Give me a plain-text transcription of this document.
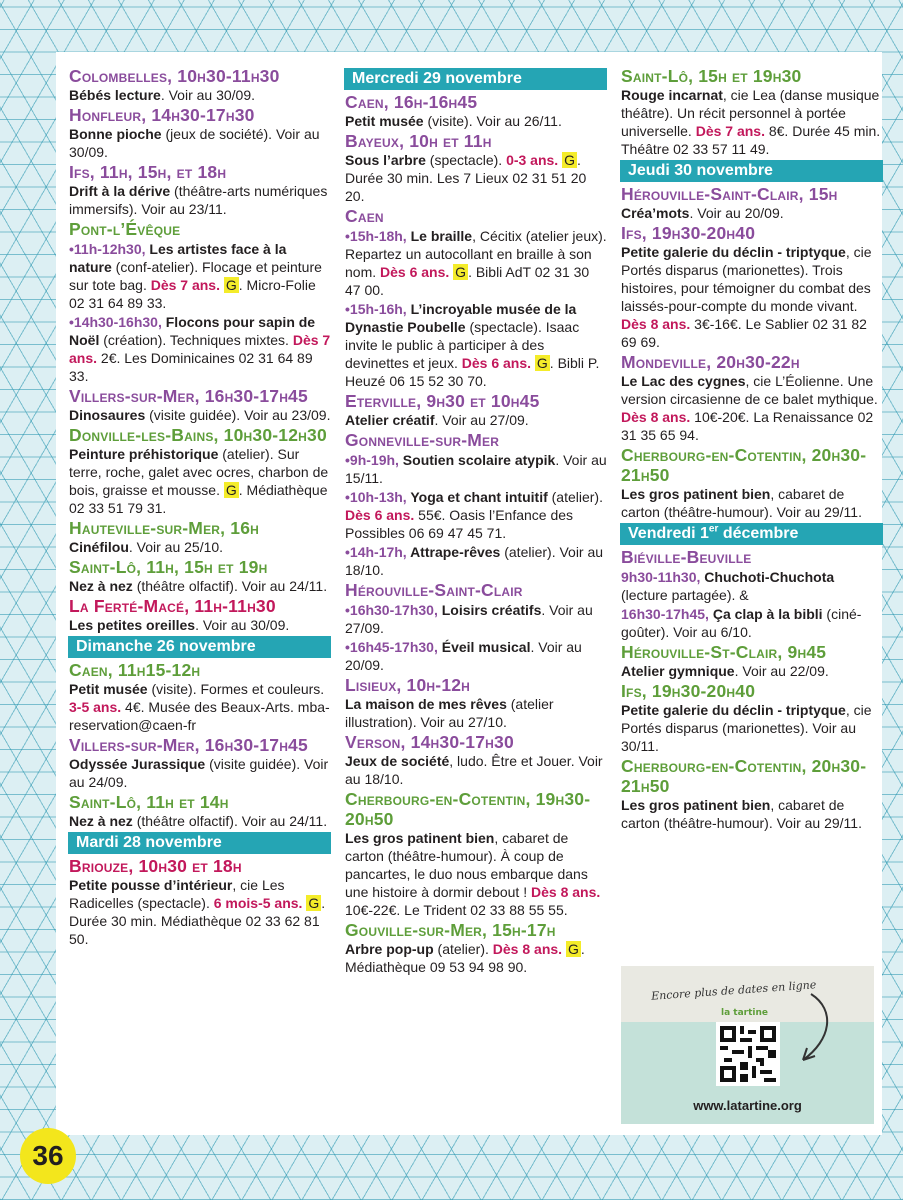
Colombelles, 10h30-11h30
Bébés lecture. Voir au 30/09.
Honfleur, 14h30-17h30
Bonne pioche (jeux de société). Voir au 30/09.
Ifs, 11h, 15h, et 18h
Drift à la dérive (théâtre-arts numériques immersifs). Voir au 23/11.
Pont-l’Évêque
•11h-12h30, Les artistes face à la nature (conf-atelier). Flocage et peinture sur tote bag. Dès 7 ans. G . Micro-Folie 02 31 64 89 33.
•14h30-16h30, Flocons pour sapin de Noël (création). Techniques mixtes. Dès 7 ans. 2€. Les Dominicaines 02 31 64 89 33.
Villers-sur-Mer, 16h30-17h45
Dinosaures (visite guidée). Voir au 23/09.
Donville-les-Bains, 10h30-12h30
Peinture préhistorique (atelier). Sur terre, roche, galet avec ocres, charbon de bois, graisse et mousse. G . Médiathèque 02 33 51 79 31.
Hauteville-sur-Mer, 16h
Cinéfilou. Voir au 25/10.
Saint-Lô, 11h, 15h et 19h
Nez à nez (théâtre olfactif). Voir au 24/11.
La Ferté-Macé, 11h-11h30
Les petites oreilles. Voir au 30/09.
Dimanche 26 novembre
Caen, 11h15-12h
Petit musée (visite). Formes et couleurs. 3-5 ans. 4€. Musée des Beaux-Arts. mba-reservation@caen-fr
Villers-sur-Mer, 16h30-17h45
Odyssée Jurassique (visite guidée). Voir au 24/09.
Saint-Lô, 11h et 14h
Nez à nez (théâtre olfactif). Voir au 24/11.
Mardi 28 novembre
Briouze, 10h30 et 18h
Petite pousse d’intérieur, cie Les Radicelles (spectacle). 6 mois-5 ans. G . Durée 30 min. Médiathèque 02 33 62 81 50.
Mercredi 29 novembre
Caen, 16h-16h45
Petit musée (visite). Voir au 26/11.
Bayeux, 10h et 11h
Sous l’arbre (spectacle). 0-3 ans. G . Durée 30 min. Les 7 Lieux 02 31 51 20 20.
Caen
•15h-18h, Le braille, Cécitix (atelier jeux). Repartez un autocollant en braille à son nom. Dès 6 ans. G . Bibli AdT 02 31 30 47 00.
•15h-16h, L’incroyable musée de la Dynastie Poubelle (spectacle). Isaac invite le public à participer à des devinettes et jeux. Dès 6 ans. G . Bibli P. Heuzé 06 15 52 30 70.
Eterville, 9h30 et 10h45
Atelier créatif. Voir au 27/09.
Gonneville-sur-Mer
•9h-19h, Soutien scolaire atypik. Voir au 15/11.
•10h-13h, Yoga et chant intuitif (atelier). Dès 6 ans. 55€. Oasis l’Enfance des Possibles 06 69 47 45 71.
•14h-17h, Attrape-rêves (atelier). Voir au 18/10.
Hérouville-Saint-Clair
•16h30-17h30, Loisirs créatifs. Voir au 27/09.
•16h45-17h30, Éveil musical. Voir au 20/09.
Lisieux, 10h-12h
La maison de mes rêves (atelier illustration). Voir au 27/10.
Verson, 14h30-17h30
Jeux de société, ludo. Être et Jouer. Voir au 18/10.
Cherbourg-en-Cotentin, 19h30-20h50
Les gros patinent bien, cabaret de carton (théâtre-humour). À coup de pancartes, le duo nous embarque dans une histoire à dormir debout ! Dès 8 ans. 10€-22€. Le Trident 02 33 88 55 55.
Gouville-sur-Mer, 15h-17h
Arbre pop-up (atelier). Dès 8 ans. G . Médiathèque 09 53 94 98 90.
Saint-Lô, 15h et 19h30
Rouge incarnat, cie Lea (danse musique théâtre). Un récit personnel à portée universelle. Dès 7 ans. 8€. Durée 45 min. Théâtre 02 33 57 11 49.
Jeudi 30 novembre
Hérouville-Saint-Clair, 15h
Créa’mots. Voir au 20/09.
Ifs, 19h30-20h40
Petite galerie du déclin - triptyque, cie Portés disparus (marionettes). Trois histoires, pour témoigner du combat des laissés-pour-compte du monde vivant. Dès 8 ans. 3€-16€. Le Sablier 02 31 82 69 69.
Mondeville, 20h30-22h
Le Lac des cygnes, cie L’Éolienne. Une version circasienne de ce balet mythique. Dès 8 ans. 10€-20€. La Renaissance 02 31 35 65 94.
Cherbourg-en-Cotentin, 20h30-21h50
Les gros patinent bien, cabaret de carton (théâtre-humour). Voir au 29/11.
Vendredi 1er décembre
Biéville-Beuville
9h30-11h30, Chuchoti-Chuchota (lecture partagée). &
16h30-17h45, Ça clap à la bibli (ciné-goûter). Voir au 6/10.
Hérouville-St-Clair, 9h45
Atelier gymnique. Voir au 22/09.
Ifs, 19h30-20h40
Petite galerie du déclin - triptyque, cie Portés disparus (marionettes). Voir au 30/11.
Cherbourg-en-Cotentin, 20h30-21h50
Les gros patinent bien, cabaret de carton (théâtre-humour). Voir au 29/11.
Encore plus de dates en ligne
la tartine
www.latartine.org
36
